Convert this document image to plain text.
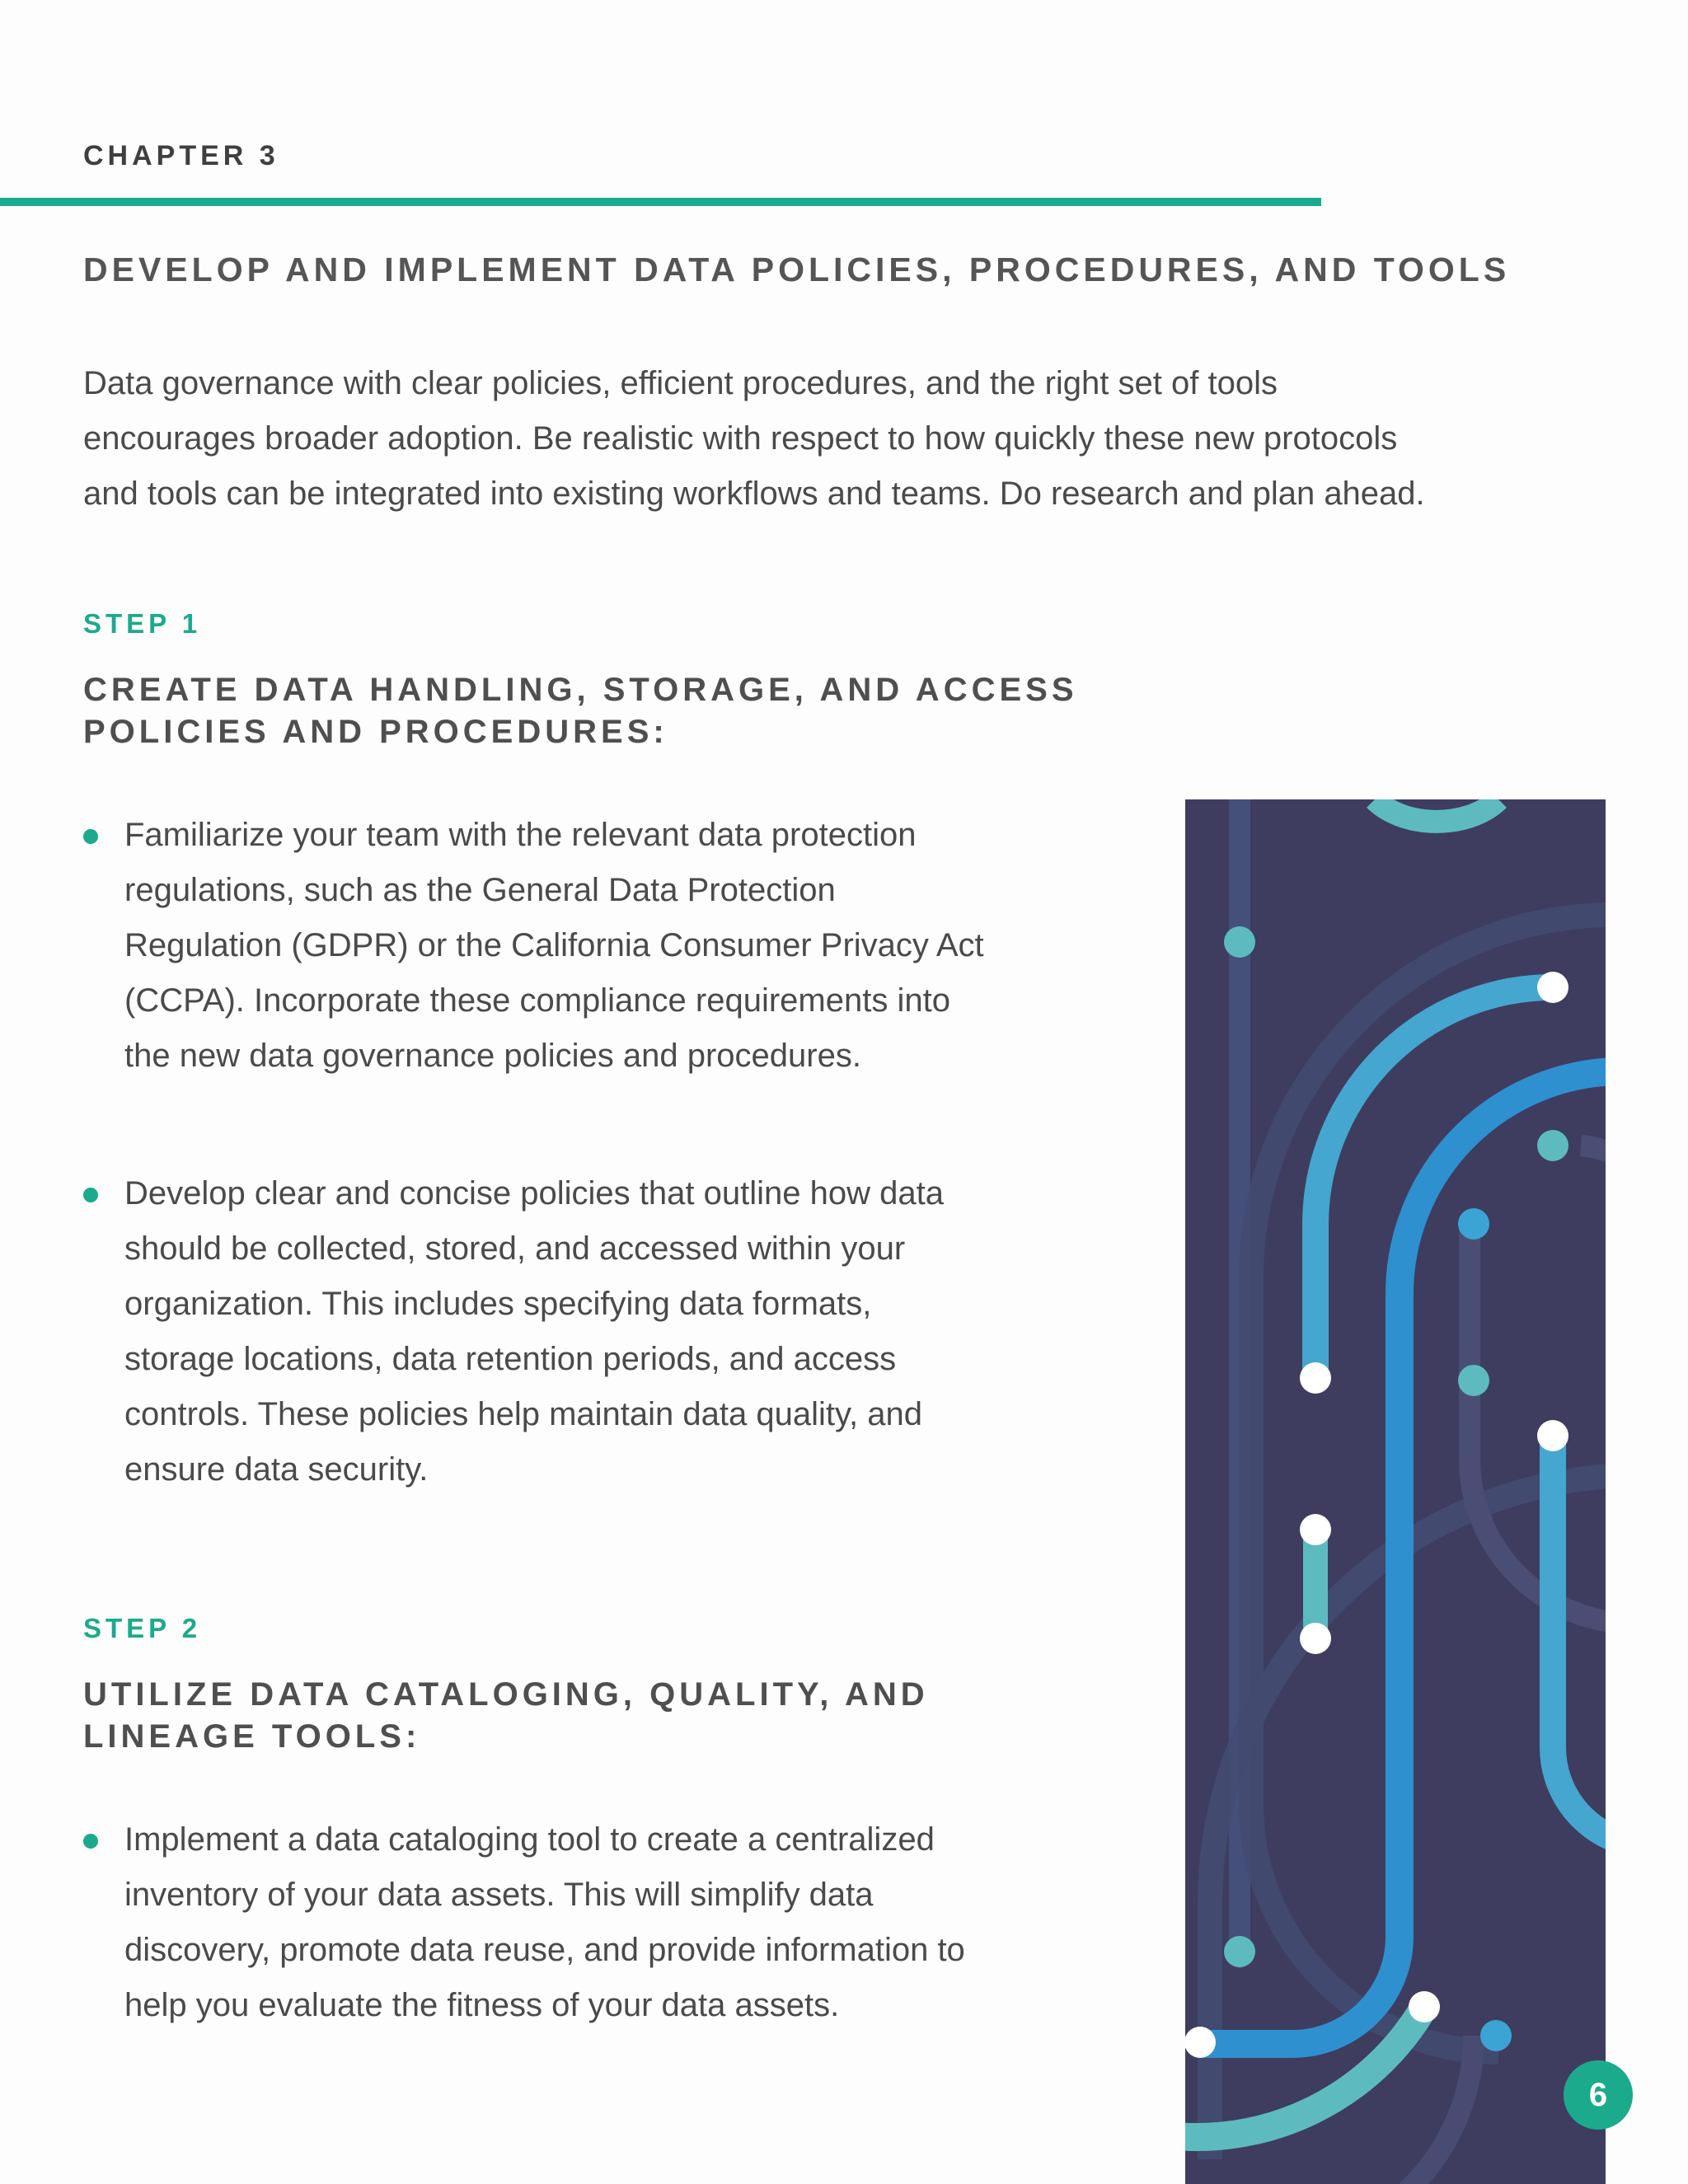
CHAPTER 3
DEVELOP AND IMPLEMENT DATA POLICIES, PROCEDURES, AND TOOLS

Data governance with clear policies, efficient procedures, and the right set of tools
encourages broader adoption. Be realistic with respect to how quickly these new protocols
and tools can be integrated into existing workflows and teams. Do research and plan ahead.

STEP 1

CREATE DATA HANDLING, STORAGE, AND ACCESS
POLICIES AND PROCEDURES:

Familiarize your team with the relevant data protection
regulations, such as the General Data Protection
Regulation (GDPR) or the California Consumer Privacy Act
(CCPA). Incorporate these compliance requirements into
the new data governance policies and procedures.
Develop clear and concise policies that outline how data
should be collected, stored, and accessed within your
organization. This includes specifying data formats,
storage locations, data retention periods, and access
controls. These policies help maintain data quality, and
ensure data security.
STEP 2

UTILIZE DATA CATALOGING, QUALITY, AND
LINEAGE TOOLS:

Implement a data cataloging tool to create a centralized
inventory of your data assets. This will simplify data
discovery, promote data reuse, and provide information to
help you evaluate the fitness of your data assets.
6
